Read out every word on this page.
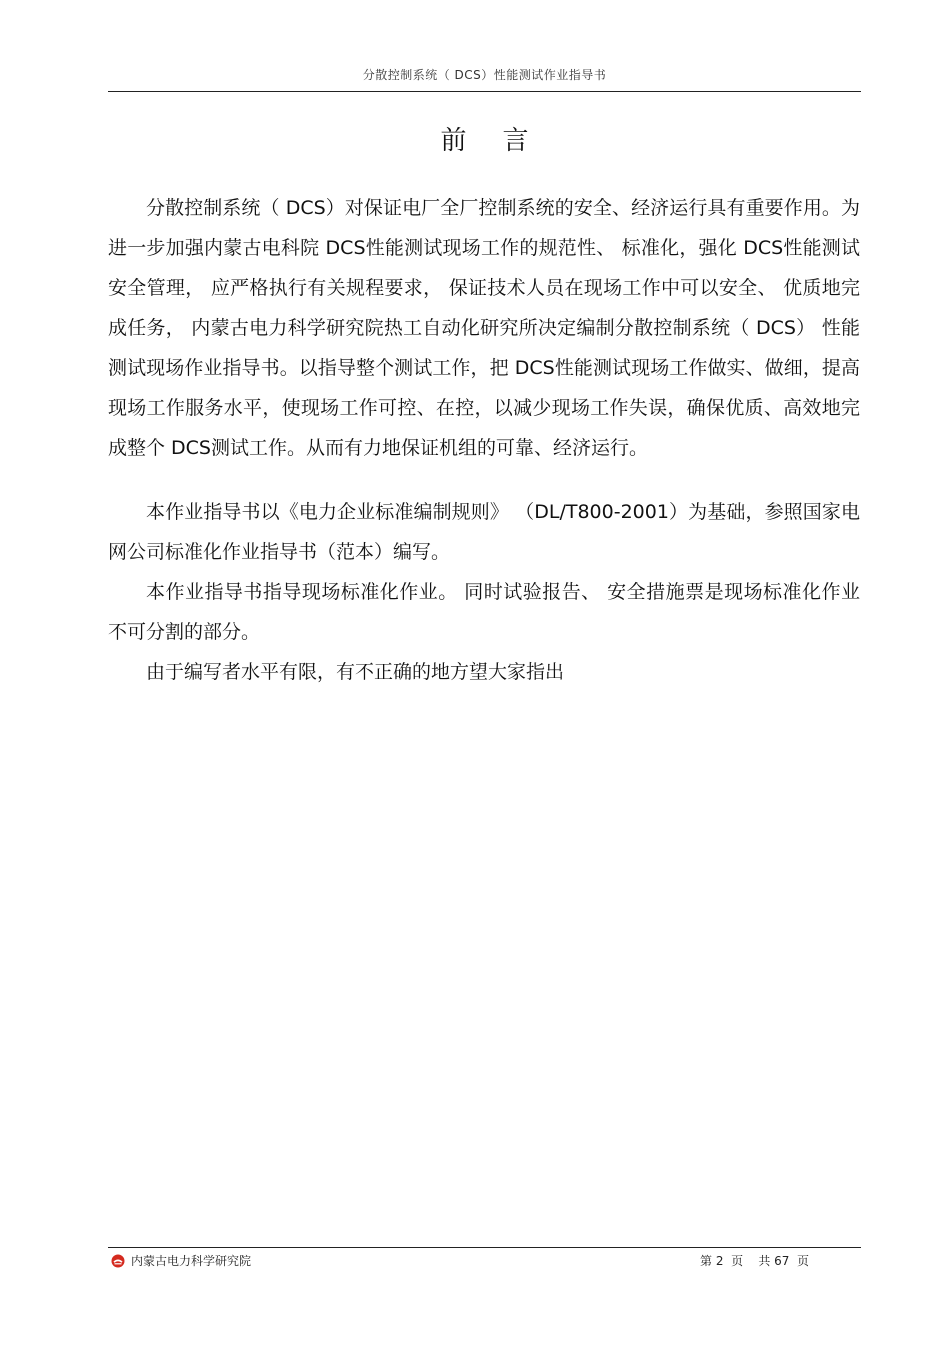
分散控制系统（ DCS）性能测试作业指导书
前言

分散控制系统（ DCS）对保证电厂全厂控制系统的安全、经济运行具有重要作用。为进一步加强内蒙古电科院 DCS性能测试现场工作的规范性、 标准化，强化 DCS性能测试安全管理， 应严格执行有关规程要求， 保证技术人员在现场工作中可以安全、 优质地完成任务， 内蒙古电力科学研究院热工自动化研究所决定编制分散控制系统（ DCS） 性能测试现场作业指导书。以指导整个测试工作，把 DCS性能测试现场工作做实、做细，提高现场工作服务水平，使现场工作可控、在控，以减少现场工作失误，确保优质、高效地完成整个 DCS测试工作。从而有力地保证机组的可靠、经济运行。

本作业指导书以《电力企业标准编制规则》 （DL/T800-2001）为基础，参照国家电网公司标准化作业指导书（范本）编写。

本作业指导书指导现场标准化作业。 同时试验报告、 安全措施票是现场标准化作业不可分割的部分。

由于编写者水平有限，有不正确的地方望大家指出

内蒙古电力科学研究院	第 2  页    共 67  页
